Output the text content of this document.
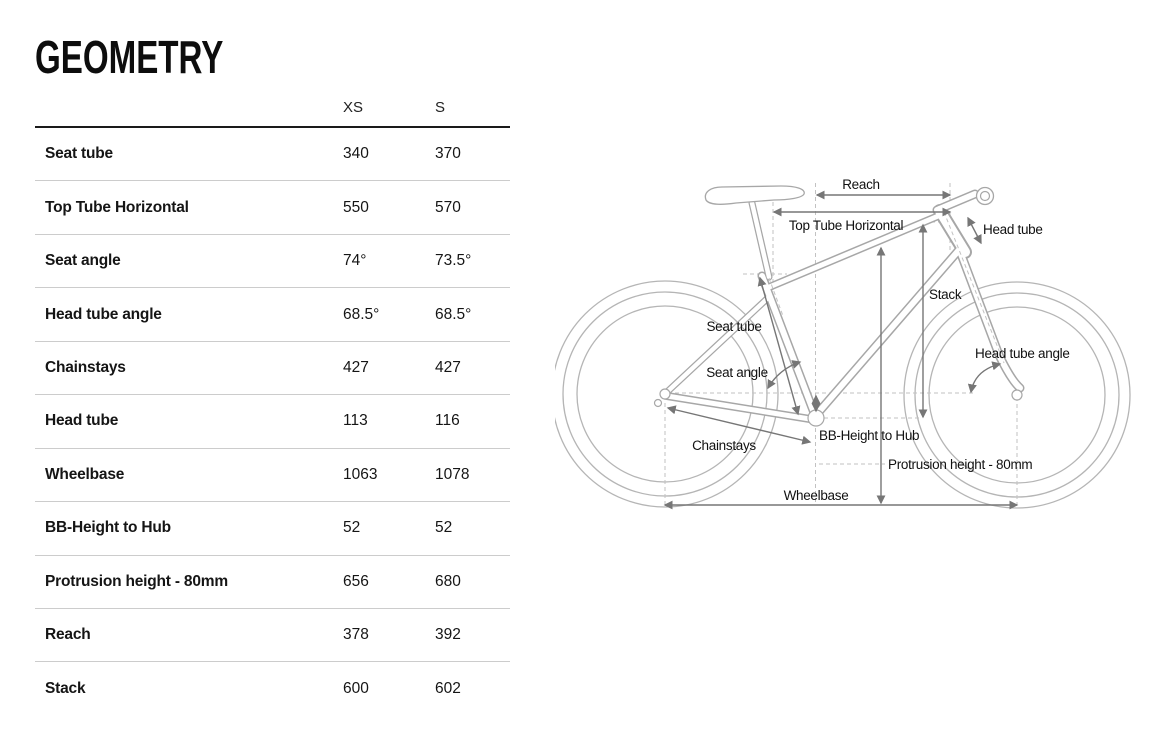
GEOMETRY
XS	S
Seat tube	340	370
Top Tube Horizontal	550	570
Seat angle	74°	73.5°
Head tube angle	68.5°	68.5°
Chainstays	427	427
Head tube	113	116
Wheelbase	1063	1078
BB-Height to Hub	52	52
Protrusion height - 80mm	656	680
Reach	378	392
Stack	600	602
Reach
Top Tube Horizontal	Head tube
Stack
Head tube angle
Seat tube
Seat angle
Chainstays
BB-Height to Hub
Protrusion height - 80mm
Wheelbase
